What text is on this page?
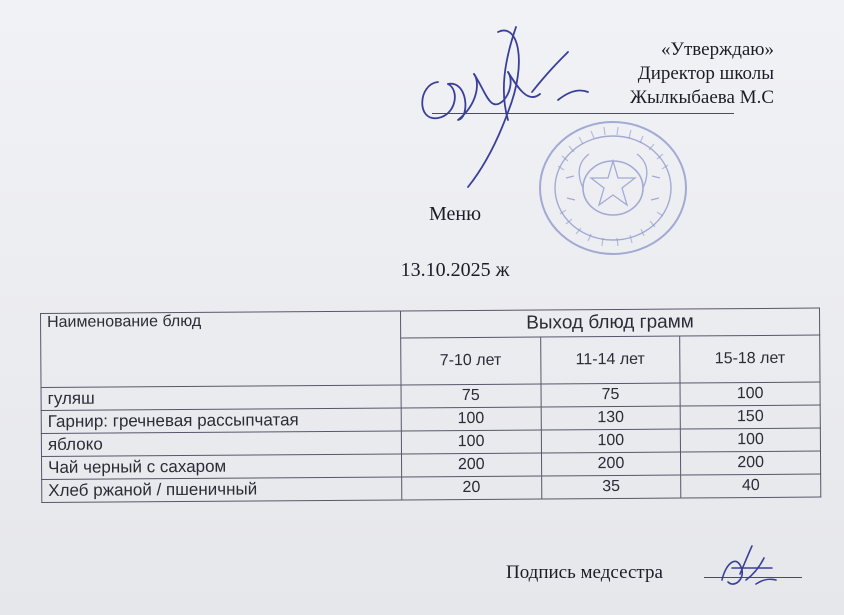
«Утверждаю»
Директор школы
Жылкыбаева М.С
Меню
13.10.2025 ж
Наименование блюд	Выход блюд грамм		
	7-10 лет	11-14 лет	15-18 лет
гуляш	75	75	100
Гарнир: гречневая рассыпчатая	100	130	150
яблоко	100	100	100
Чай черный с сахаром	200	200	200
Хлеб ржаной / пшеничный	20	35	40
Подпись медсестра
